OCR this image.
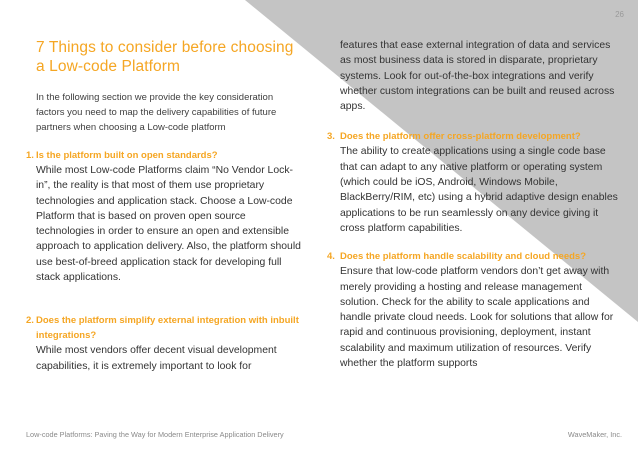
26
7 Things to consider before choosing a Low-code Platform

In the following section we provide the key consideration factors you need to map the delivery capabilities of future partners when choosing a Low-code platform

1. Is the platform built on open standards?

While most Low-code Platforms claim “No Vendor Lock-in”, the reality is that most of them use proprietary technologies and application stack. Choose a Low-code Platform that is based on proven open source technologies in order to ensure an open and extensible approach to application delivery. Also, the platform should use best-of-breed application stack for developing full stack applications.

2. Does the platform simplify external integration with inbuilt integrations?

While most vendors offer decent visual development capabilities, it is extremely important to look for

features that ease external integration of data and services as most business data is stored in disparate, proprietary systems. Look for out-of-the-box integrations and verify whether custom integrations can be built and reused across apps.

3. Does the platform offer cross-platform development?

The ability to create applications using a single code base that can adapt to any native platform or operating system (which could be iOS, Android, Windows Mobile, BlackBerry/RIM, etc) using a hybrid adaptive design enables applications to be run seamlessly on any device giving it cross platform capabilities.

4. Does the platform handle scalability and cloud needs?

Ensure that low-code platform vendors don’t get away with merely providing a hosting and release management solution. Check for the ability to scale applications and handle private cloud needs. Look for solutions that allow for rapid and continuous provisioning, deployment, instant scalability and maximum utilization of resources. Verify whether the platform supports

Low-code Platforms: Paving the Way for Modern Enterprise Application Delivery	WaveMaker, Inc.
